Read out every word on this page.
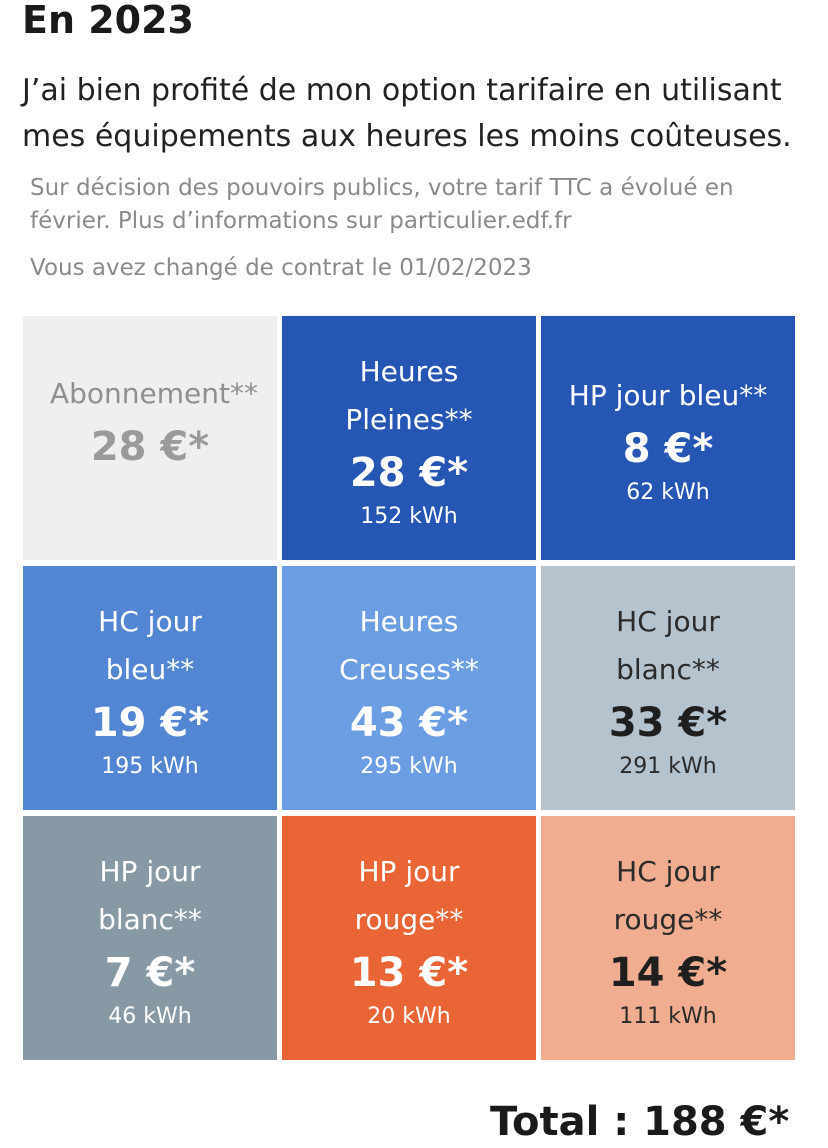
En 2023
J’ai bien profité de mon option tarifaire en utilisant mes équipements aux heures les moins coûteuses.
Sur décision des pouvoirs publics, votre tarif TTC a évolué en février. Plus d’informations sur particulier.edf.fr
Vous avez changé de contrat le 01/02/2023
Abonnement**
28 €*
Heures Pleines**
28 €*
152 kWh
HP jour bleu**
8 €*
62 kWh
HC jour bleu**
19 €*
195 kWh
Heures Creuses**
43 €*
295 kWh
HC jour blanc**
33 €*
291 kWh
HP jour blanc**
7 €*
46 kWh
HP jour rouge**
13 €*
20 kWh
HC jour rouge**
14 €*
111 kWh
Total : 188 €*
